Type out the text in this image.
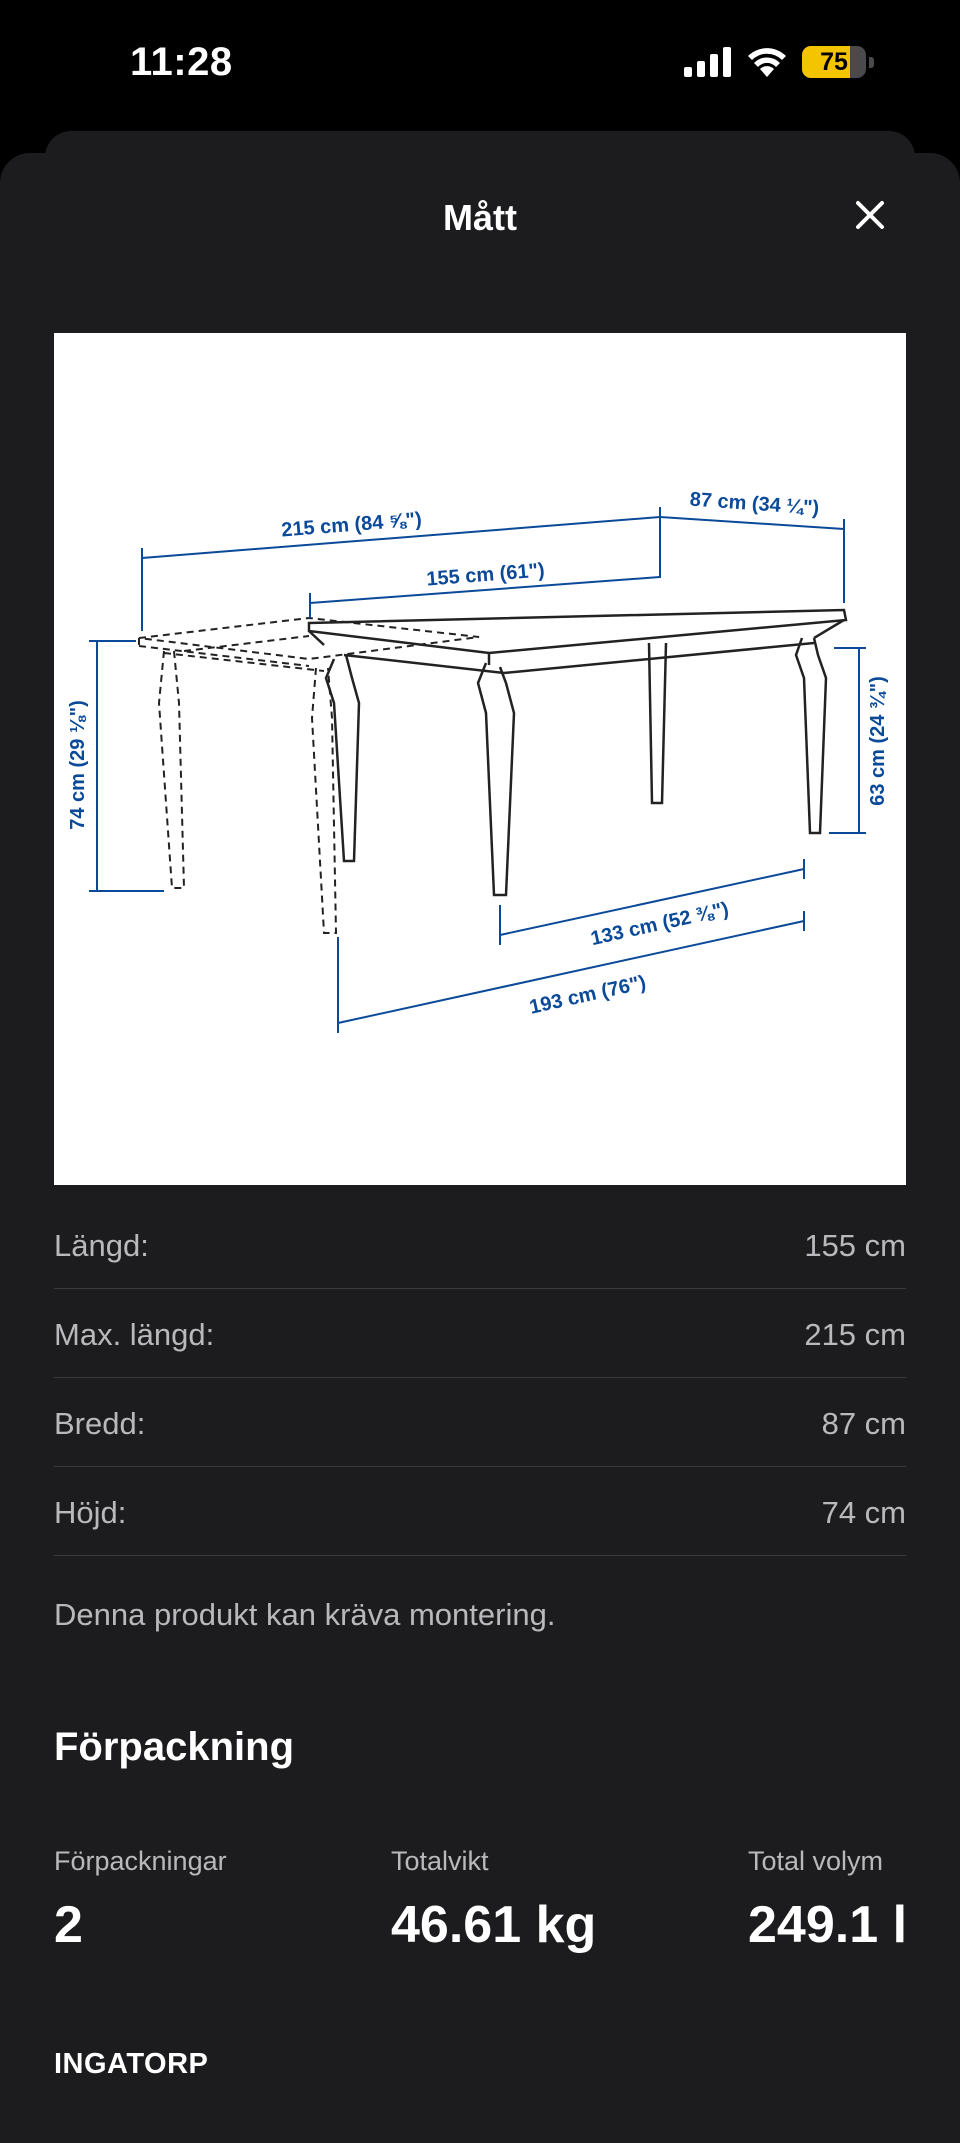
11:28	75
Mått
215 cm (84 ⅝")
155 cm (61")
87 cm (34 ¼")
74 cm (29 ⅛")	63 cm (24 ¾")
133 cm (52 ⅜")
193 cm (76")
Längd:	155 cm
Max. längd:	215 cm
Bredd:	87 cm
Höjd:	74 cm
Denna produkt kan kräva montering.
Förpackning
Förpackningar
2
Totalvikt
46.61 kg
Total volym
249.1 l
INGATORP
